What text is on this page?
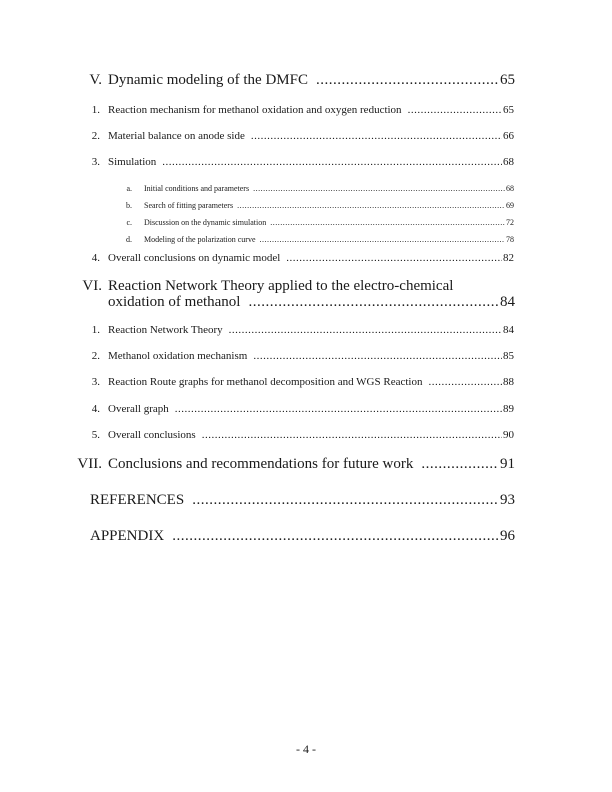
V. Dynamic modeling of the DMFC .....	65
1. Reaction mechanism for methanol oxidation and oxygen reduction .....	65
2. Material balance on anode side .....	66
3. Simulation .....	68
a. Initial conditions and parameters .....	68
b. Search of fitting parameters .....	69
c. Discussion on the dynamic simulation .....	72
d. Modeling of the polarization curve .....	78
4. Overall conclusions on dynamic model .....	82
VI. Reaction Network Theory applied to the electro-chemical
oxidation of methanol .....	84
1. Reaction Network Theory .....	84
2. Methanol oxidation mechanism .....	85
3. Reaction Route graphs for methanol decomposition and WGS Reaction .....	88
4. Overall graph .....	89
5. Overall conclusions .....	90
VII. Conclusions and recommendations for future work .....	91
REFERENCES .....	93
APPENDIX .....	96
- 4 -
